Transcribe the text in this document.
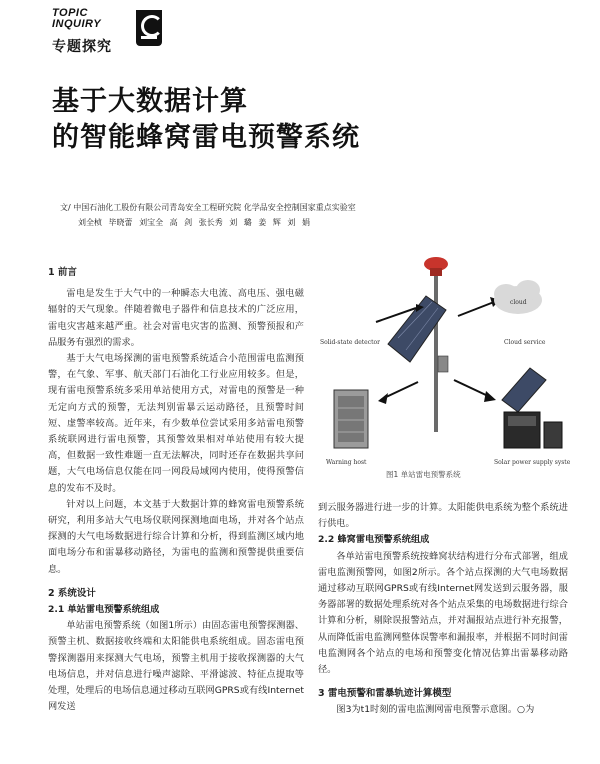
TOPIC
INQUIRY
专题探究
基于大数据计算
的智能蜂窝雷电预警系统
文/ 中国石油化工股份有限公司青岛安全工程研究院 化学品安全控制国家重点实验室
刘全桢 毕晓蕾 刘宝全 高 剑 张长秀 刘 璐 姜 辉 刘 娟
1 前言

雷电是发生于大气中的一种瞬态大电流、高电压、强电磁辐射的天气现象。伴随着微电子器件和信息技术的广泛应用，雷电灾害越来越严重。社会对雷电灾害的监测、预警预报和产品服务有强烈的需求。

基于大气电场探测的雷电预警系统适合小范围雷电监测预警，在气象、军事、航天部门石油化工行业应用较多。但是，现有雷电预警系统多采用单站使用方式，对雷电的预警是一种无定向方式的预警，无法判别雷暴云运动路径，且预警时间短、虚警率较高。近年来，有少数单位尝试采用多站雷电预警系统联网进行雷电预警，其预警效果相对单站使用有较大提高，但数据一致性难题一直无法解决，同时还存在数据共享问题，大气电场信息仅能在同一网段局域网内使用，使得预警信息的发布不及时。

针对以上问题，本文基于大数据计算的蜂窝雷电预警系统研究，利用多站大气电场仪联网探测地面电场，并对各个站点探测的大气电场数据进行综合计算和分析，得到监测区域内地面电场分布和雷暴移动路径，为雷电的监测和预警提供重要信息。

2 系统设计
2.1 单站雷电预警系统组成

单站雷电预警系统（如图1所示）由固态雷电预警探测器、预警主机、数据接收终端和太阳能供电系统组成。固态雷电预警探测器用来探测大气电场，预警主机用于接收探测器的大气电场信息，并对信息进行噪声滤除、平滑滤波、特征点提取等处理，处理后的电场信息通过移动互联网GPRS或有线Internet网发送

cloud
Cloud service
Solid-state detector
Warning host	Solar power supply system
图1 单站雷电预警系统

到云服务器进行进一步的计算。太阳能供电系统为整个系统进行供电。

2.2 蜂窝雷电预警系统组成

各单站雷电预警系统按蜂窝状结构进行分布式部署，组成雷电监测预警网，如图2所示。各个站点探测的大气电场数据通过移动互联网GPRS或有线Internet网发送到云服务器，服务器部署的数据处理系统对各个站点采集的电场数据进行综合计算和分析，剔除误报警站点，并对漏报站点进行补充报警，从而降低雷电监测网整体误警率和漏报率，并根据不同时间雷电监测网各个站点的电场和预警变化情况估算出雷暴移动路径。

3 雷电预警和雷暴轨迹计算模型

图3为t1时刻的雷电监测网雷电预警示意图。○为
